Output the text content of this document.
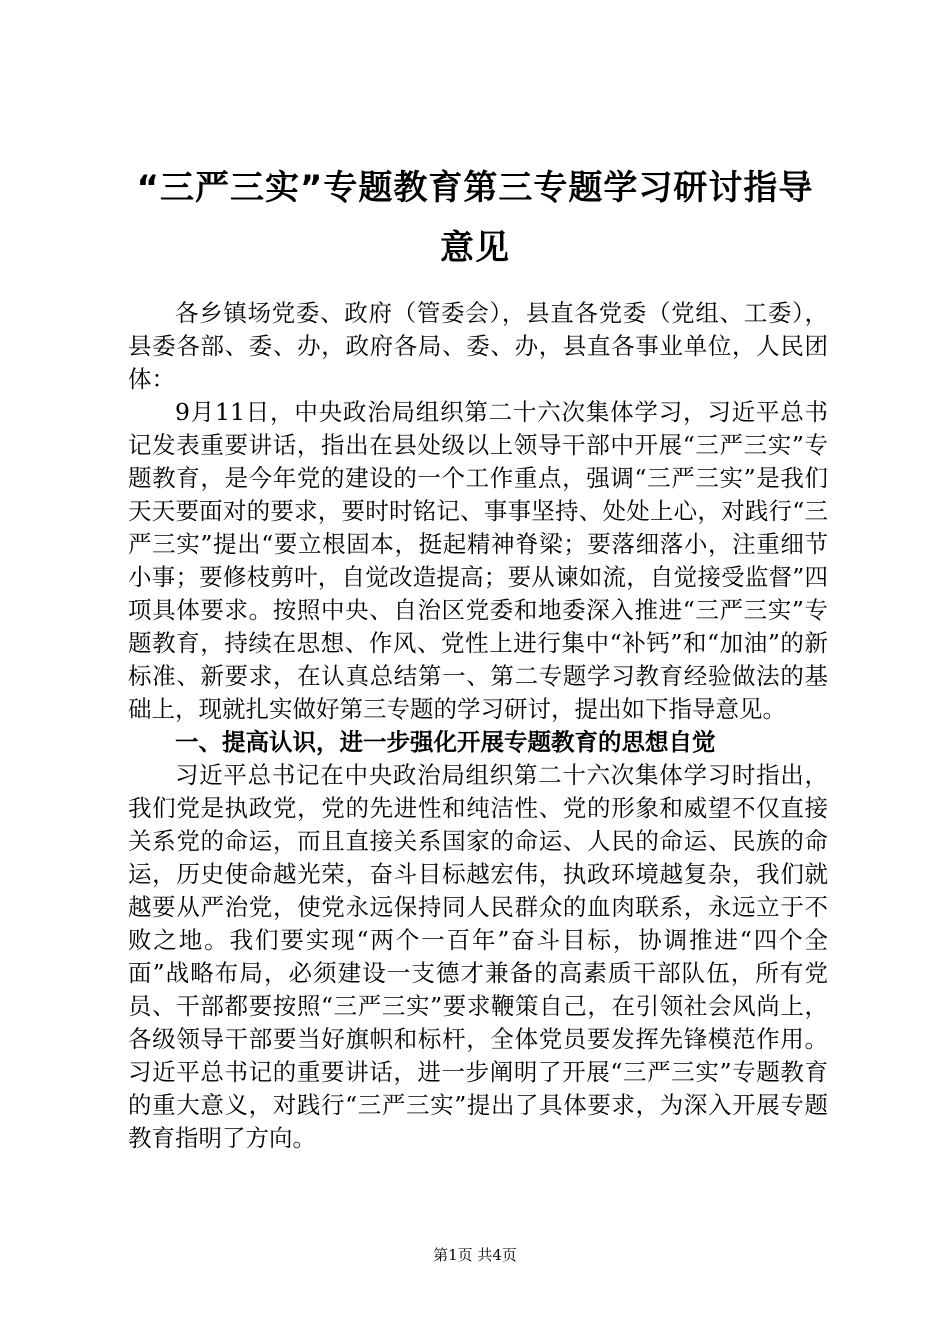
“三严三实”专题教育第三专题学习研讨指导
意见

各乡镇场党委、政府（管委会），县直各党委（党组、工委），县委各部、委、办，政府各局、委、办，县直各事业单位，人民团体：

9月11日，中央政治局组织第二十六次集体学习，习近平总书记发表重要讲话，指出在县处级以上领导干部中开展“三严三实”专题教育，是今年党的建设的一个工作重点，强调“三严三实”是我们天天要面对的要求，要时时铭记、事事坚持、处处上心，对践行“三严三实”提出“要立根固本，挺起精神脊梁；要落细落小，注重细节小事；要修枝剪叶，自觉改造提高；要从谏如流，自觉接受监督”四项具体要求。按照中央、自治区党委和地委深入推进“三严三实”专题教育，持续在思想、作风、党性上进行集中“补钙”和“加油”的新标准、新要求，在认真总结第一、第二专题学习教育经验做法的基础上，现就扎实做好第三专题的学习研讨，提出如下指导意见。

一、提高认识，进一步强化开展专题教育的思想自觉

习近平总书记在中央政治局组织第二十六次集体学习时指出，我们党是执政党，党的先进性和纯洁性、党的形象和威望不仅直接关系党的命运，而且直接关系国家的命运、人民的命运、民族的命运，历史使命越光荣，奋斗目标越宏伟，执政环境越复杂，我们就越要从严治党，使党永远保持同人民群众的血肉联系，永远立于不败之地。我们要实现“两个一百年”奋斗目标，协调推进“四个全面”战略布局，必须建设一支德才兼备的高素质干部队伍，所有党员、干部都要按照“三严三实”要求鞭策自己，在引领社会风尚上，各级领导干部要当好旗帜和标杆，全体党员要发挥先锋模范作用。习近平总书记的重要讲话，进一步阐明了开展“三严三实”专题教育的重大意义，对践行“三严三实”提出了具体要求，为深入开展专题教育指明了方向。

第1页 共4页
